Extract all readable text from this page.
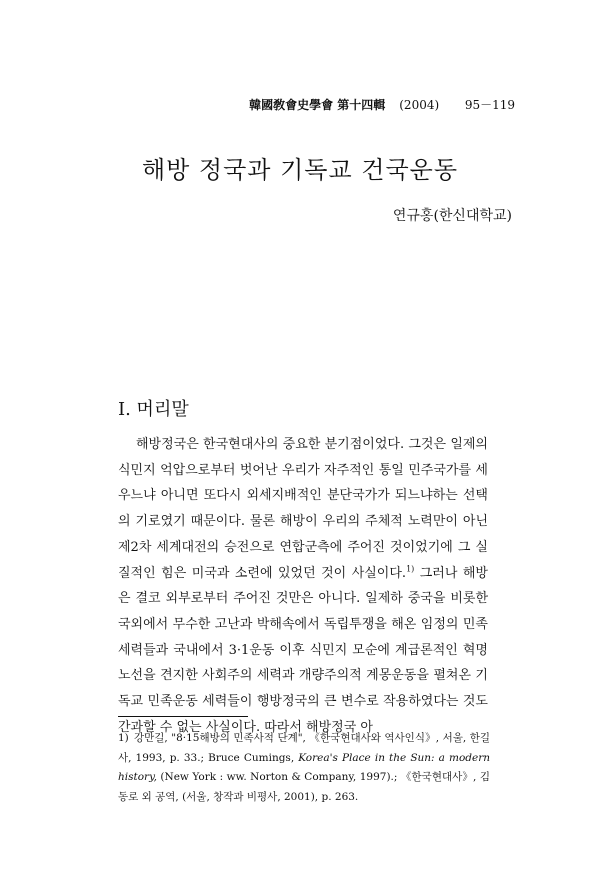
韓國敎會史學會 第十四輯 (2004) 95－119
해방 정국과 기독교 건국운동
연규홍(한신대학교)
I. 머리말

해방정국은 한국현대사의 중요한 분기점이었다. 그것은 일제의 식민지 억압으로부터 벗어난 우리가 자주적인 통일 민주국가를 세우느냐 아니면 또다시 외세지배적인 분단국가가 되느냐하는 선택의 기로였기 때문이다. 물론 해방이 우리의 주체적 노력만이 아닌 제2차 세계대전의 승전으로 연합군측에 주어진 것이었기에 그 실질적인 힘은 미국과 소련에 있었던 것이 사실이다.$^{1)}$ 그러나 해방은 결코 외부로부터 주어진 것만은 아니다. 일제하 중국을 비롯한 국외에서 무수한 고난과 박해속에서 독립투쟁을 해온 임정의 민족세력들과 국내에서 3·1운동 이후 식민지 모순에 계급론적인 혁명노선을 견지한 사회주의 세력과 개량주의적 계몽운동을 펼쳐온 기독교 민족운동 세력들이 행방정국의 큰 변수로 작용하였다는 것도 간과할 수 없는 사실이다. 따라서 해방정국 아

1) 강만길, "8·15해방의 민족사적 단계", 《한국현대사와 역사인식》, 서울, 한길사, 1993, p. 33.; Bruce Cumings, Korea's Place in the Sun: a modern history, (New York : ww. Norton & Company, 1997).; 《한국현대사》, 김동로 외 공역, (서울, 창작과 비평사, 2001), p. 263.
